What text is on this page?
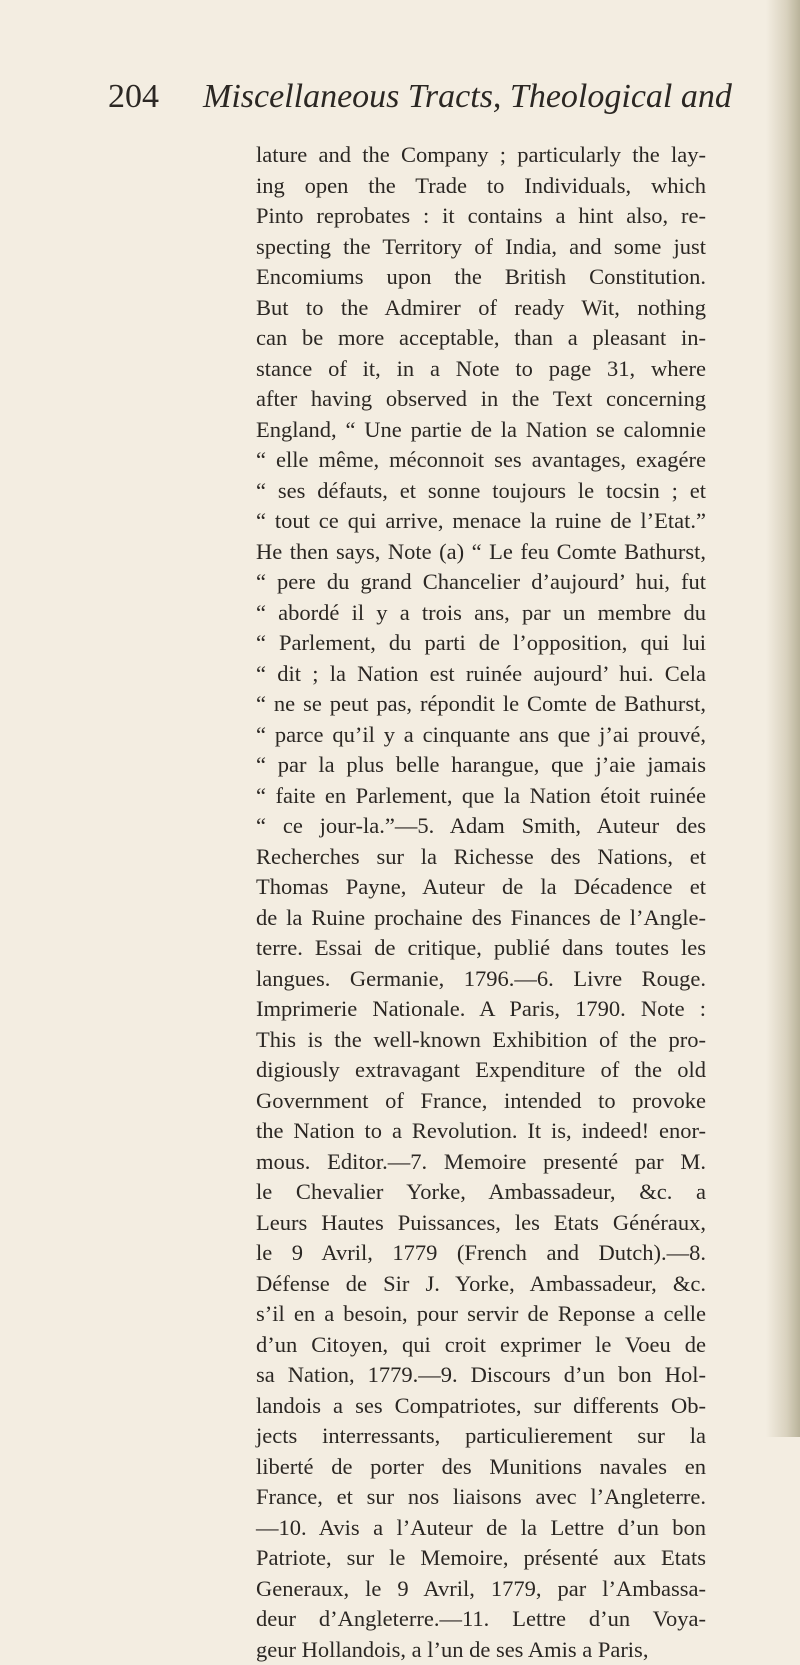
204 Miscellaneous Tracts, Theological and
lature and the Company ; particularly the lay-
ing open the Trade to Individuals, which
Pinto reprobates : it contains a hint also, re-
specting the Territory of India, and some just
Encomiums upon the British Constitution.
But to the Admirer of ready Wit, nothing
can be more acceptable, than a pleasant in-
stance of it, in a Note to page 31, where
after having observed in the Text concerning
England, “ Une partie de la Nation se calomnie
“ elle même, méconnoit ses avantages, exagére
“ ses défauts, et sonne toujours le tocsin ; et
“ tout ce qui arrive, menace la ruine de l’Etat.”
He then says, Note (a) “ Le feu Comte Bathurst,
“ pere du grand Chancelier d’aujourd’ hui, fut
“ abordé il y a trois ans, par un membre du
“ Parlement, du parti de l’opposition, qui lui
“ dit ; la Nation est ruinée aujourd’ hui. Cela
“ ne se peut pas, répondit le Comte de Bathurst,
“ parce qu’il y a cinquante ans que j’ai prouvé,
“ par la plus belle harangue, que j’aie jamais
“ faite en Parlement, que la Nation étoit ruinée
“ ce jour-la.”—5. Adam Smith, Auteur des
Recherches sur la Richesse des Nations, et
Thomas Payne, Auteur de la Décadence et
de la Ruine prochaine des Finances de l’Angle-
terre. Essai de critique, publié dans toutes les
langues. Germanie, 1796.—6. Livre Rouge.
Imprimerie Nationale. A Paris, 1790. Note :
This is the well-known Exhibition of the pro-
digiously extravagant Expenditure of the old
Government of France, intended to provoke
the Nation to a Revolution. It is, indeed! enor-
mous. Editor.—7. Memoire presenté par M.
le Chevalier Yorke, Ambassadeur, &c. a
Leurs Hautes Puissances, les Etats Généraux,
le 9 Avril, 1779 (French and Dutch).—8.
Défense de Sir J. Yorke, Ambassadeur, &c.
s’il en a besoin, pour servir de Reponse a celle
d’un Citoyen, qui croit exprimer le Voeu de
sa Nation, 1779.—9. Discours d’un bon Hol-
landois a ses Compatriotes, sur differents Ob-
jects interressants, particulierement sur la
liberté de porter des Munitions navales en
France, et sur nos liaisons avec l’Angleterre.
—10. Avis a l’Auteur de la Lettre d’un bon
Patriote, sur le Memoire, présenté aux Etats
Generaux, le 9 Avril, 1779, par l’Ambassa-
deur d’Angleterre.—11. Lettre d’un Voya-
geur Hollandois, a l’un de ses Amis a Paris,
